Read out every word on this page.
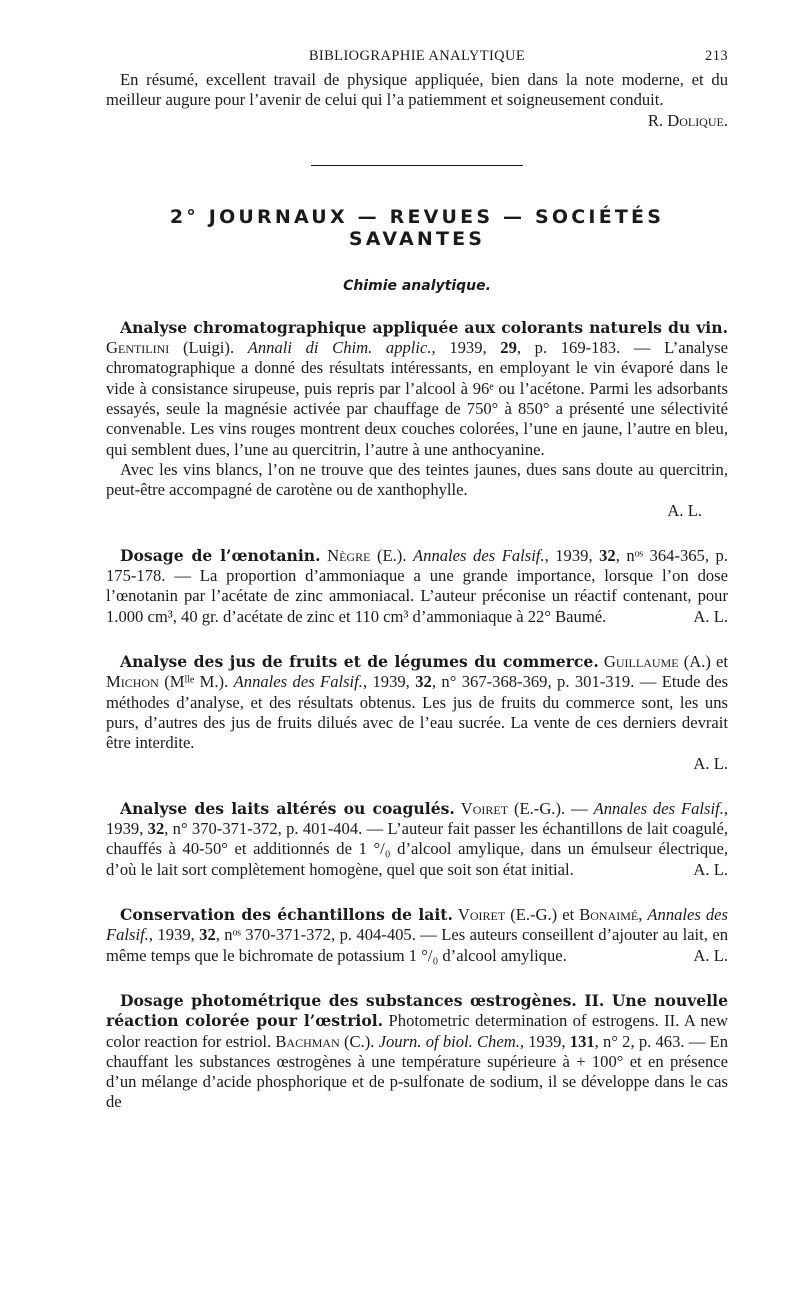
BIBLIOGRAPHIE ANALYTIQUE	213

En résumé, excellent travail de physique appliquée, bien dans la note moderne, et du meilleur augure pour l’avenir de celui qui l’a patiemment et soigneusement conduit.

R. Dolique.

2° JOURNAUX — REVUES — SOCIÉTÉS SAVANTES
Chimie analytique.

Analyse chromatographique appliquée aux colorants naturels du vin. Gentilini (Luigi). Annali di Chim. applic., 1939, 29, p. 169-183. — L’analyse chromatographique a donné des résultats intéressants, en employant le vin évaporé dans le vide à consistance sirupeuse, puis repris par l’alcool à 96ᵉ ou l’acétone. Parmi les adsorbants essayés, seule la magnésie activée par chauffage de 750° à 850° a présenté une sélectivité convenable. Les vins rouges montrent deux couches colorées, l’une en jaune, l’autre en bleu, qui semblent dues, l’une au quercitrin, l’autre à une anthocyanine.

Avec les vins blancs, l’on ne trouve que des teintes jaunes, dues sans doute au quercitrin, peut-être accompagné de carotène ou de xanthophylle.

A. L.

Dosage de l’œnotanin. Nègre (E.). Annales des Falsif., 1939, 32, nᵒˢ 364-365, p. 175-178. — La proportion d’ammoniaque a une grande importance, lorsque l’on dose l’œnotanin par l’acétate de zinc ammoniacal. L’auteur préconise un réactif contenant, pour 1.000 cm³, 40 gr. d’acétate de zinc et 110 cm³ d’ammoniaque à 22° Baumé.	A. L.

Analyse des jus de fruits et de légumes du commerce. Guillaume (A.) et Michon (Mˡˡᵉ M.). Annales des Falsif., 1939, 32, n° 367-368-369, p. 301-319. — Etude des méthodes d’analyse, et des résultats obtenus. Les jus de fruits du commerce sont, les uns purs, d’autres des jus de fruits dilués avec de l’eau sucrée. La vente de ces derniers devrait être interdite.

A. L.

Analyse des laits altérés ou coagulés. Voiret (E.-G.). — Annales des Falsif., 1939, 32, n° 370-371-372, p. 401-404. — L’auteur fait passer les échantillons de lait coagulé, chauffés à 40-50° et additionnés de 1 °/₀ d’alcool amylique, dans un émulseur électrique, d’où le lait sort complètement homogène, quel que soit son état initial.	A. L.

Conservation des échantillons de lait. Voiret (E.-G.) et Bonaimé, Annales des Falsif., 1939, 32, nᵒˢ 370-371-372, p. 404-405. — Les auteurs conseillent d’ajouter au lait, en même temps que le bichromate de potassium 1 °/₀ d’alcool amylique.	A. L.

Dosage photométrique des substances œstrogènes. II. Une nouvelle réaction colorée pour l’œstriol. Photometric determination of estrogens. II. A new color reaction for estriol. Bachman (C.). Journ. of biol. Chem., 1939, 131, n° 2, p. 463. — En chauffant les substances œstrogènes à une température supérieure à + 100° et en présence d’un mélange d’acide phosphorique et de p-sulfonate de sodium, il se développe dans le cas de
